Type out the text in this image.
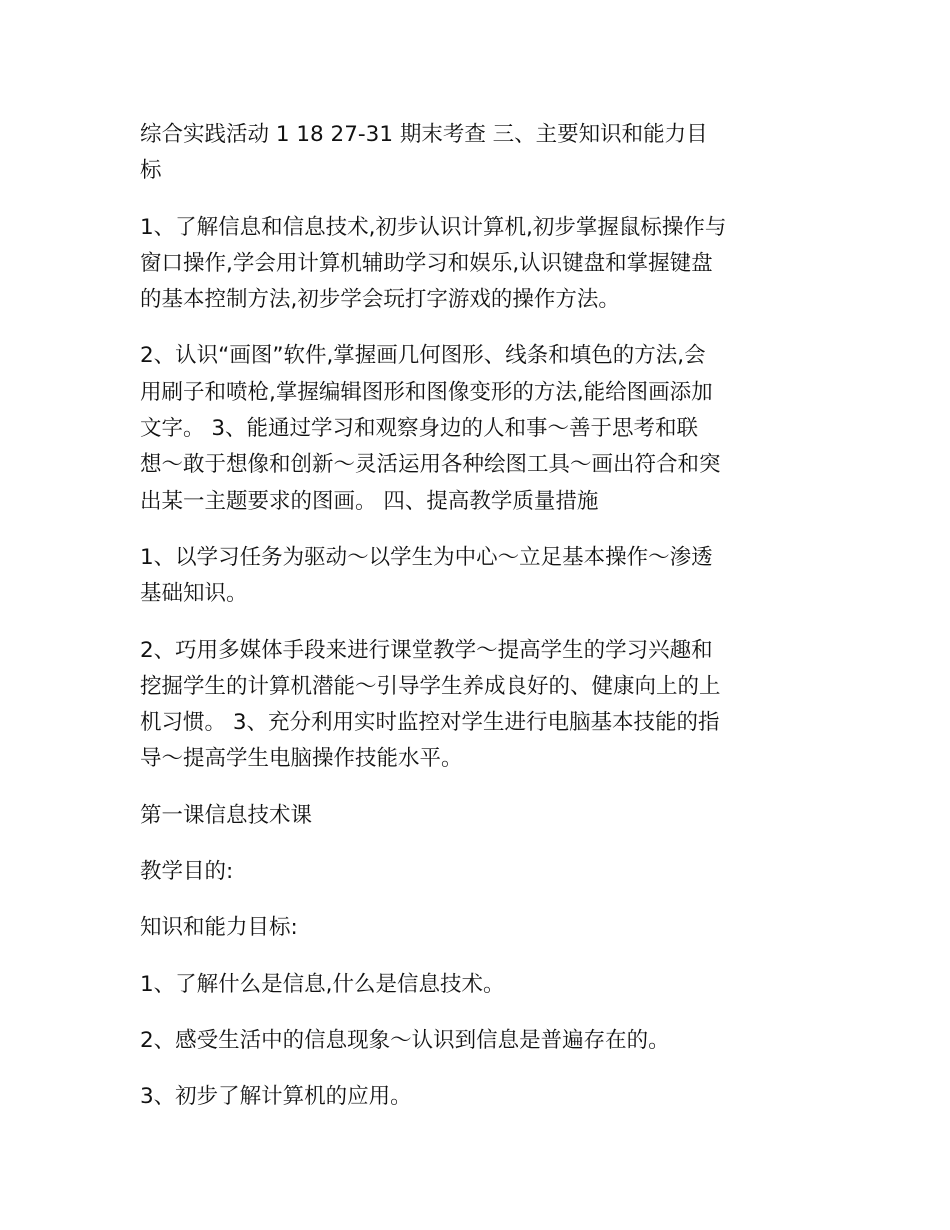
综合实践活动 1 18 27-31 期末考查 三、主要知识和能力目
标
1、了解信息和信息技术,初步认识计算机,初步掌握鼠标操作与
窗口操作,学会用计算机辅助学习和娱乐,认识键盘和掌握键盘
的基本控制方法,初步学会玩打字游戏的操作方法。
2、认识“画图”软件,掌握画几何图形、线条和填色的方法,会
用刷子和喷枪,掌握编辑图形和图像变形的方法,能给图画添加
文字。 3、能通过学习和观察身边的人和事～善于思考和联
想～敢于想像和创新～灵活运用各种绘图工具～画出符合和突
出某一主题要求的图画。 四、提高教学质量措施
1、以学习任务为驱动～以学生为中心～立足基本操作～渗透
基础知识。
2、巧用多媒体手段来进行课堂教学～提高学生的学习兴趣和
挖掘学生的计算机潜能～引导学生养成良好的、健康向上的上
机习惯。 3、充分利用实时监控对学生进行电脑基本技能的指
导～提高学生电脑操作技能水平。
第一课信息技术课
教学目的:
知识和能力目标:
1、了解什么是信息,什么是信息技术。
2、感受生活中的信息现象～认识到信息是普遍存在的。
3、初步了解计算机的应用。
